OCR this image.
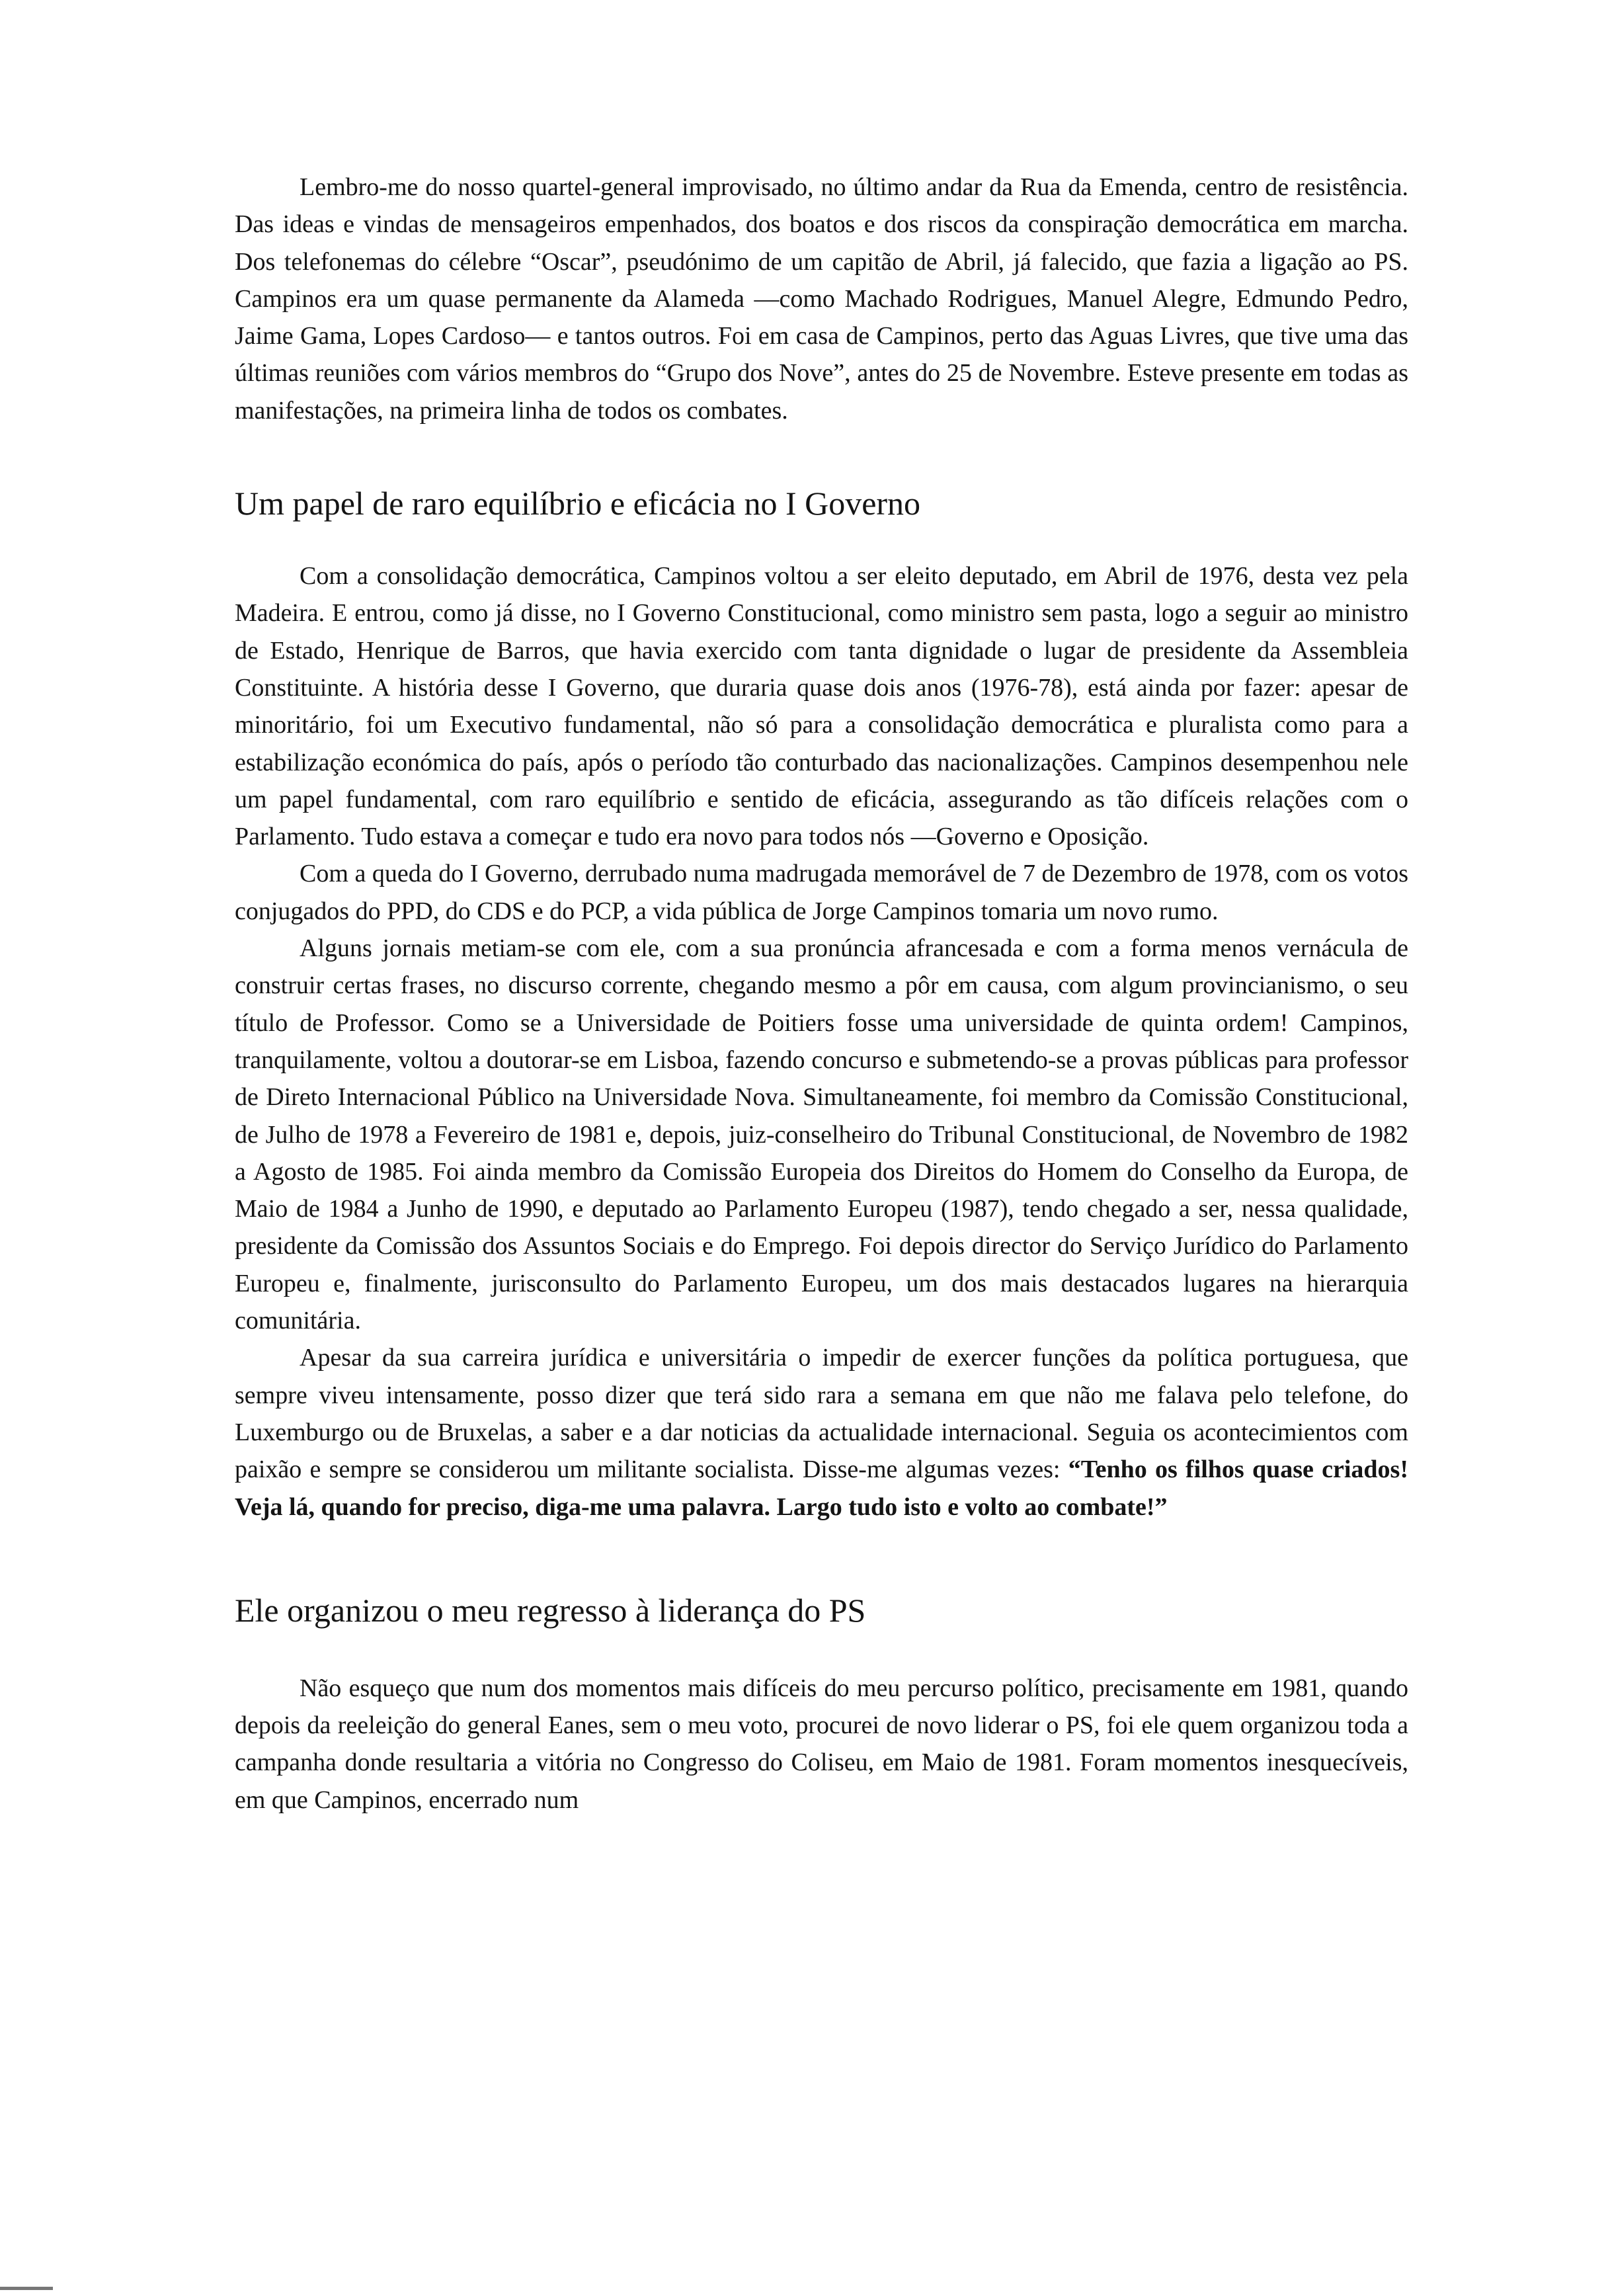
Lembro-me do nosso quartel-general improvisado, no último andar da Rua da Emenda, centro de resistência. Das ideas e vindas de mensageiros empenhados, dos boatos e dos riscos da conspiração democrática em marcha. Dos telefonemas do célebre “Oscar”, pseudónimo de um capitão de Abril, já falecido, que fazia a ligação ao PS. Campinos era um quase permanente da Alameda —como Machado Rodrigues, Manuel Alegre, Edmundo Pedro, Jaime Gama, Lopes Cardoso— e tantos outros. Foi em casa de Campinos, perto das Aguas Livres, que tive uma das últimas reuniões com vários membros do “Grupo dos Nove”, antes do 25 de Novembre. Esteve presente em todas as manifestações, na primeira linha de todos os combates.

Um papel de raro equilíbrio e eficácia no I Governo

Com a consolidação democrática, Campinos voltou a ser eleito deputado, em Abril de 1976, desta vez pela Madeira. E entrou, como já disse, no I Governo Constitucional, como ministro sem pasta, logo a seguir ao ministro de Estado, Henrique de Barros, que havia exercido com tanta dignidade o lugar de presidente da Assembleia Constituinte. A história desse I Governo, que duraria quase dois anos (1976-78), está ainda por fazer: apesar de minoritário, foi um Executivo fundamental, não só para a consolidação democrática e pluralista como para a estabilização económica do país, após o período tão conturbado das nacionalizações. Campinos desempenhou nele um papel fundamental, com raro equilíbrio e sentido de eficácia, assegurando as tão difíceis relações com o Parlamento. Tudo estava a começar e tudo era novo para todos nós —Governo e Oposição.

Com a queda do I Governo, derrubado numa madrugada memorável de 7 de Dezembro de 1978, com os votos conjugados do PPD, do CDS e do PCP, a vida pública de Jorge Campinos tomaria um novo rumo.

Alguns jornais metiam-se com ele, com a sua pronúncia afrancesada e com a forma menos vernácula de construir certas frases, no discurso corrente, chegando mesmo a pôr em causa, com algum provincianismo, o seu título de Professor. Como se a Universidade de Poitiers fosse uma universidade de quinta ordem! Campinos, tranquilamente, voltou a doutorar-se em Lisboa, fazendo concurso e submetendo-se a provas públicas para professor de Direto Internacional Público na Universidade Nova. Simultaneamente, foi membro da Comissão Constitucional, de Julho de 1978 a Fevereiro de 1981 e, depois, juiz-conselheiro do Tribunal Constitucional, de Novembro de 1982 a Agosto de 1985. Foi ainda membro da Comissão Europeia dos Direitos do Homem do Conselho da Europa, de Maio de 1984 a Junho de 1990, e deputado ao Parlamento Europeu (1987), tendo chegado a ser, nessa qualidade, presidente da Comissão dos Assuntos Sociais e do Emprego. Foi depois director do Serviço Jurídico do Parlamento Europeu e, finalmente, jurisconsulto do Parlamento Europeu, um dos mais destacados lugares na hierarquia comunitária.

Apesar da sua carreira jurídica e universitária o impedir de exercer funções da política portuguesa, que sempre viveu intensamente, posso dizer que terá sido rara a semana em que não me falava pelo telefone, do Luxemburgo ou de Bruxelas, a saber e a dar noticias da actualidade internacional. Seguia os acontecimientos com paixão e sempre se considerou um militante socialista. Disse-me algumas vezes: “Tenho os filhos quase criados! Veja lá, quando for preciso, diga-me uma palavra. Largo tudo isto e volto ao combate!”

Ele organizou o meu regresso à liderança do PS

Não esqueço que num dos momentos mais difíceis do meu percurso político, precisamente em 1981, quando depois da reeleição do general Eanes, sem o meu voto, procurei de novo liderar o PS, foi ele quem organizou toda a campanha donde resultaria a vitória no Congresso do Coliseu, em Maio de 1981. Foram momentos inesquecíveis, em que Campinos, encerrado num
